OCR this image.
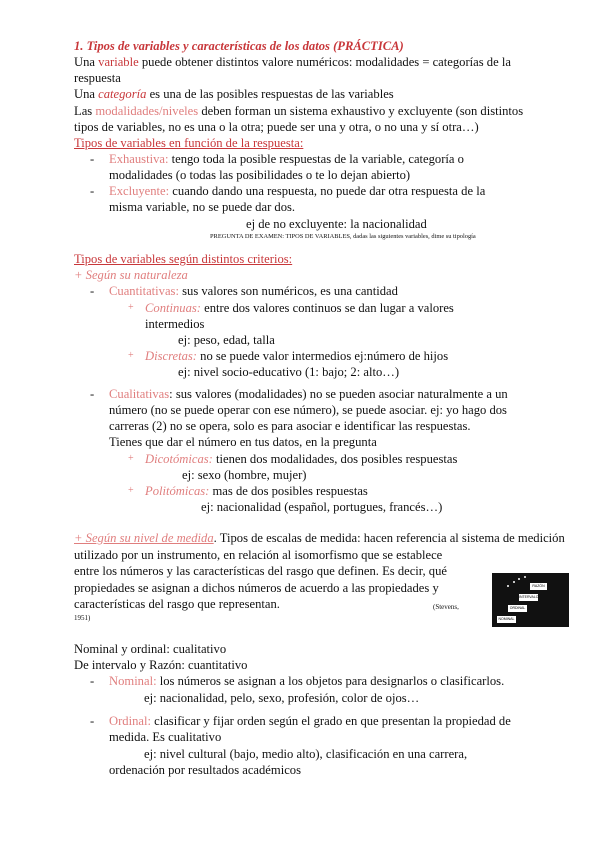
1. Tipos de variables y características de los datos (PRÁCTICA)
Una variable puede obtener distintos valore numéricos: modalidades = categorías de la
respuesta
Una categoría es una de las posibles respuestas de las variables
Las modalidades/niveles deben forman un sistema exhaustivo y excluyente (son distintos
tipos de variables, no es una o la otra; puede ser una y otra, o no una y sí otra…)
Tipos de variables en función de la respuesta:
- Exhaustiva: tengo toda la posible respuestas de la variable, categoría o
modalidades (o todas las posibilidades o te lo dejan abierto)
- Excluyente: cuando dando una respuesta, no puede dar otra respuesta de la
misma variable, no se puede dar dos.
ej de no excluyente: la nacionalidad
PREGUNTA DE EXAMEN: TIPOS DE VARIABLES, dadas las siguientes variables, dime su tipología
Tipos de variables según distintos criterios:
+ Según su naturaleza
- Cuantitativas: sus valores son numéricos, es una cantidad
+ Continuas: entre dos valores continuos se dan lugar a valores
intermedios
ej: peso, edad, talla
+ Discretas: no se puede valor intermedios ej:número de hijos
ej: nivel socio-educativo (1: bajo; 2: alto…)
- Cualitativas: sus valores (modalidades) no se pueden asociar naturalmente a un
número (no se puede operar con ese número), se puede asociar. ej: yo hago dos
carreras (2) no se opera, solo es para asociar e identificar las respuestas.
Tienes que dar el número en tus datos, en la pregunta
+ Dicotómicas: tienen dos modalidades, dos posibles respuestas
ej: sexo (hombre, mujer)
+ Politómicas: mas de dos posibles respuestas
ej: nacionalidad (español, portugues, francés…)
+ Según su nivel de medida. Tipos de escalas de medida: hacen referencia al sistema de medición
utilizado por un instrumento, en relación al isomorfismo que se establece
entre los números y las características del rasgo que definen. Es decir, qué
propiedades se asignan a dichos números de acuerdo a las propiedades y
características del rasgo que representan.	(Stevens,
1951)
RAZÓN
INTERVALO
ORDINAL
NOMINAL
Nominal y ordinal: cualitativo
De intervalo y Razón: cuantitativo
- Nominal: los números se asignan a los objetos para designarlos o clasificarlos.
ej: nacionalidad, pelo, sexo, profesión, color de ojos…
- Ordinal: clasificar y fijar orden según el grado en que presentan la propiedad de
medida. Es cualitativo
ej: nivel cultural (bajo, medio alto), clasificación en una carrera,
ordenación por resultados académicos
